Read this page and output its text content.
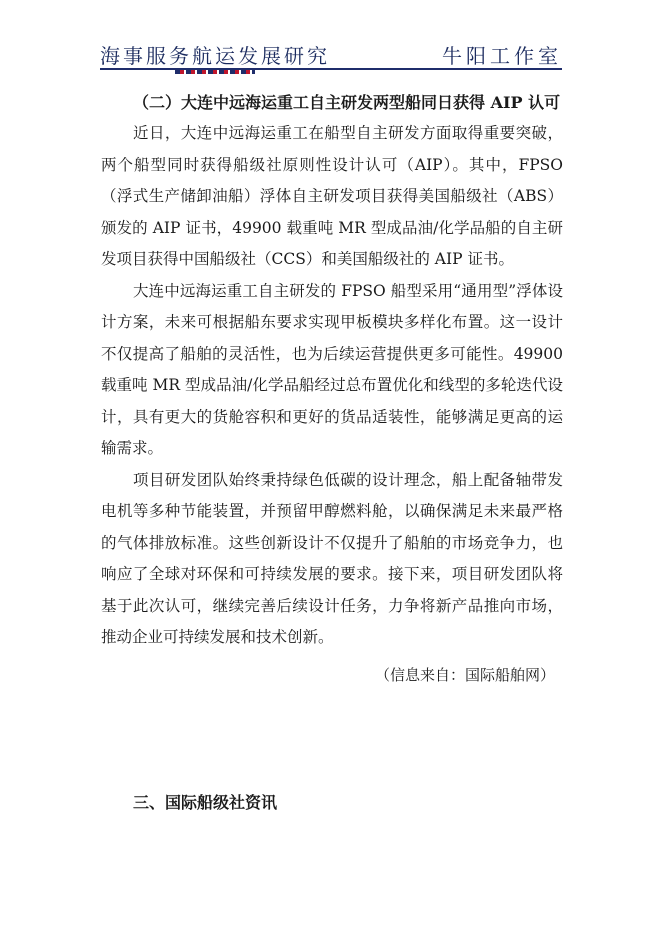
海事服务航运发展研究	牛阳工作室

（二）大连中远海运重工自主研发两型船同日获得 AIP 认可

近日，大连中远海运重工在船型自主研发方面取得重要突破，两个船型同时获得船级社原则性设计认可（AIP）。其中，FPSO（浮式生产储卸油船）浮体自主研发项目获得美国船级社（ABS）颁发的 AIP 证书，49900 载重吨 MR 型成品油/化学品船的自主研发项目获得中国船级社（CCS）和美国船级社的 AIP 证书。

大连中远海运重工自主研发的 FPSO 船型采用“通用型”浮体设计方案，未来可根据船东要求实现甲板模块多样化布置。这一设计不仅提高了船舶的灵活性，也为后续运营提供更多可能性。49900 载重吨 MR 型成品油/化学品船经过总布置优化和线型的多轮迭代设计，具有更大的货舱容积和更好的货品适装性，能够满足更高的运输需求。

项目研发团队始终秉持绿色低碳的设计理念，船上配备轴带发电机等多种节能装置，并预留甲醇燃料舱，以确保满足未来最严格的气体排放标准。这些创新设计不仅提升了船舶的市场竞争力，也响应了全球对环保和可持续发展的要求。接下来，项目研发团队将基于此次认可，继续完善后续设计任务，力争将新产品推向市场，推动企业可持续发展和技术创新。

（信息来自：国际船舶网）

三、国际船级社资讯
